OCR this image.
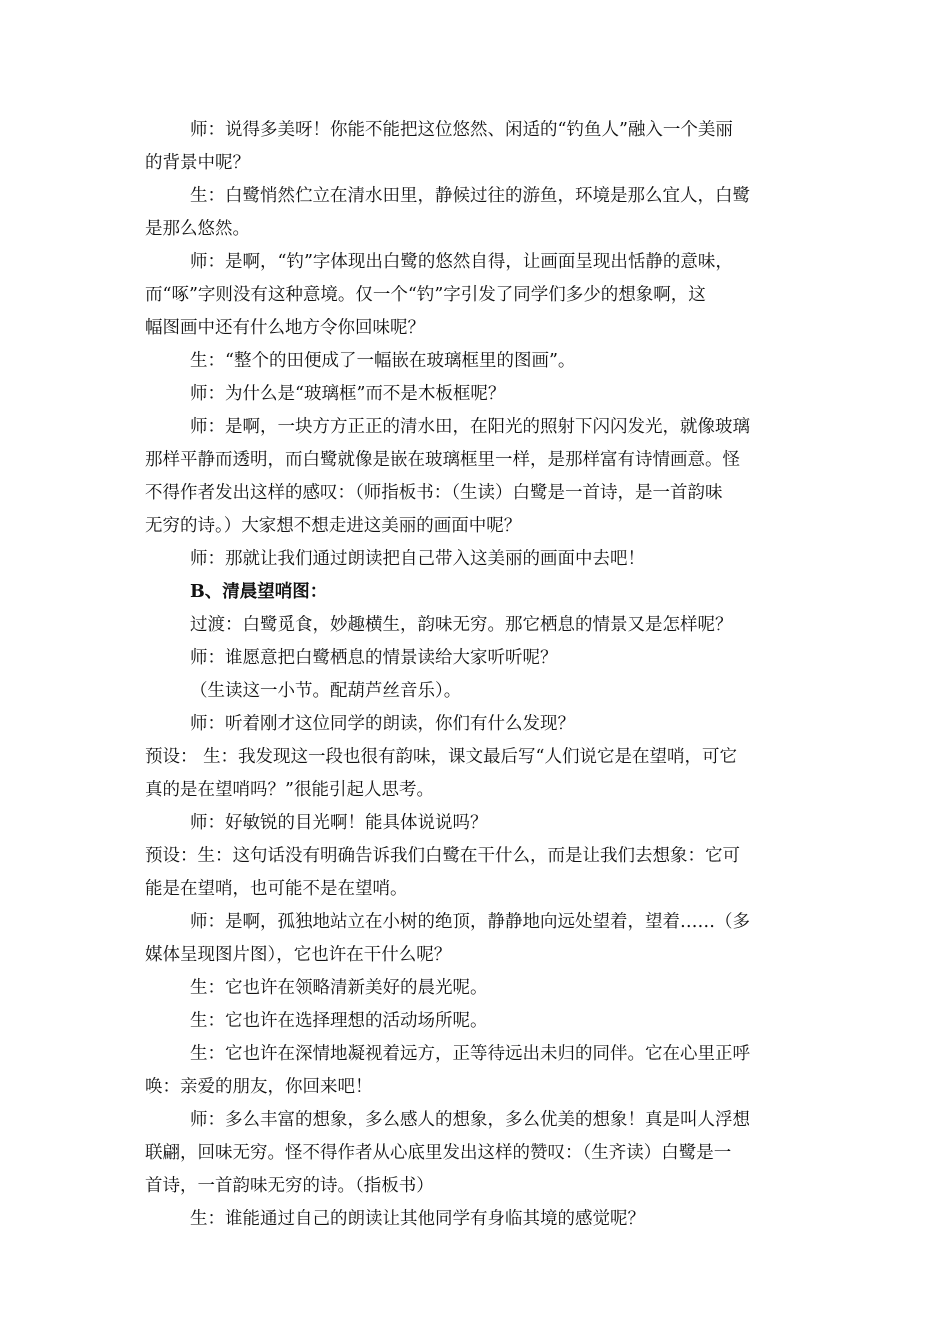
师：说得多美呀！你能不能把这位悠然、闲适的“钓鱼人”融入一个美丽

的背景中呢？

生：白鹭悄然伫立在清水田里，静候过往的游鱼，环境是那么宜人，白鹭

是那么悠然。

师：是啊，“钓”字体现出白鹭的悠然自得，让画面呈现出恬静的意味，

而“啄”字则没有这种意境。仅一个“钓”字引发了同学们多少的想象啊，这

幅图画中还有什么地方令你回味呢？

生：“整个的田便成了一幅嵌在玻璃框里的图画”。

师：为什么是“玻璃框”而不是木板框呢？

师：是啊，一块方方正正的清水田，在阳光的照射下闪闪发光，就像玻璃

那样平静而透明，而白鹭就像是嵌在玻璃框里一样，是那样富有诗情画意。怪

不得作者发出这样的感叹：（师指板书：（生读）白鹭是一首诗，是一首韵味

无穷的诗。）大家想不想走进这美丽的画面中呢？

师：那就让我们通过朗读把自己带入这美丽的画面中去吧！

B、清晨望哨图：

过渡：白鹭觅食，妙趣横生，韵味无穷。那它栖息的情景又是怎样呢？

师：谁愿意把白鹭栖息的情景读给大家听听呢？

（生读这一小节。配葫芦丝音乐）。

师：听着刚才这位同学的朗读，你们有什么发现？

预设： 生：我发现这一段也很有韵味，课文最后写“人们说它是在望哨，可它

真的是在望哨吗？”很能引起人思考。

师：好敏锐的目光啊！能具体说说吗？

预设：生：这句话没有明确告诉我们白鹭在干什么，而是让我们去想象：它可

能是在望哨，也可能不是在望哨。

师：是啊，孤独地站立在小树的绝顶，静静地向远处望着，望着……（多

媒体呈现图片图），它也许在干什么呢？

生：它也许在领略清新美好的晨光呢。

生：它也许在选择理想的活动场所呢。

生：它也许在深情地凝视着远方，正等待远出未归的同伴。它在心里正呼

唤：亲爱的朋友，你回来吧！

师：多么丰富的想象，多么感人的想象，多么优美的想象！真是叫人浮想

联翩，回味无穷。怪不得作者从心底里发出这样的赞叹：（生齐读）白鹭是一

首诗，一首韵味无穷的诗。（指板书）

生：谁能通过自己的朗读让其他同学有身临其境的感觉呢？
